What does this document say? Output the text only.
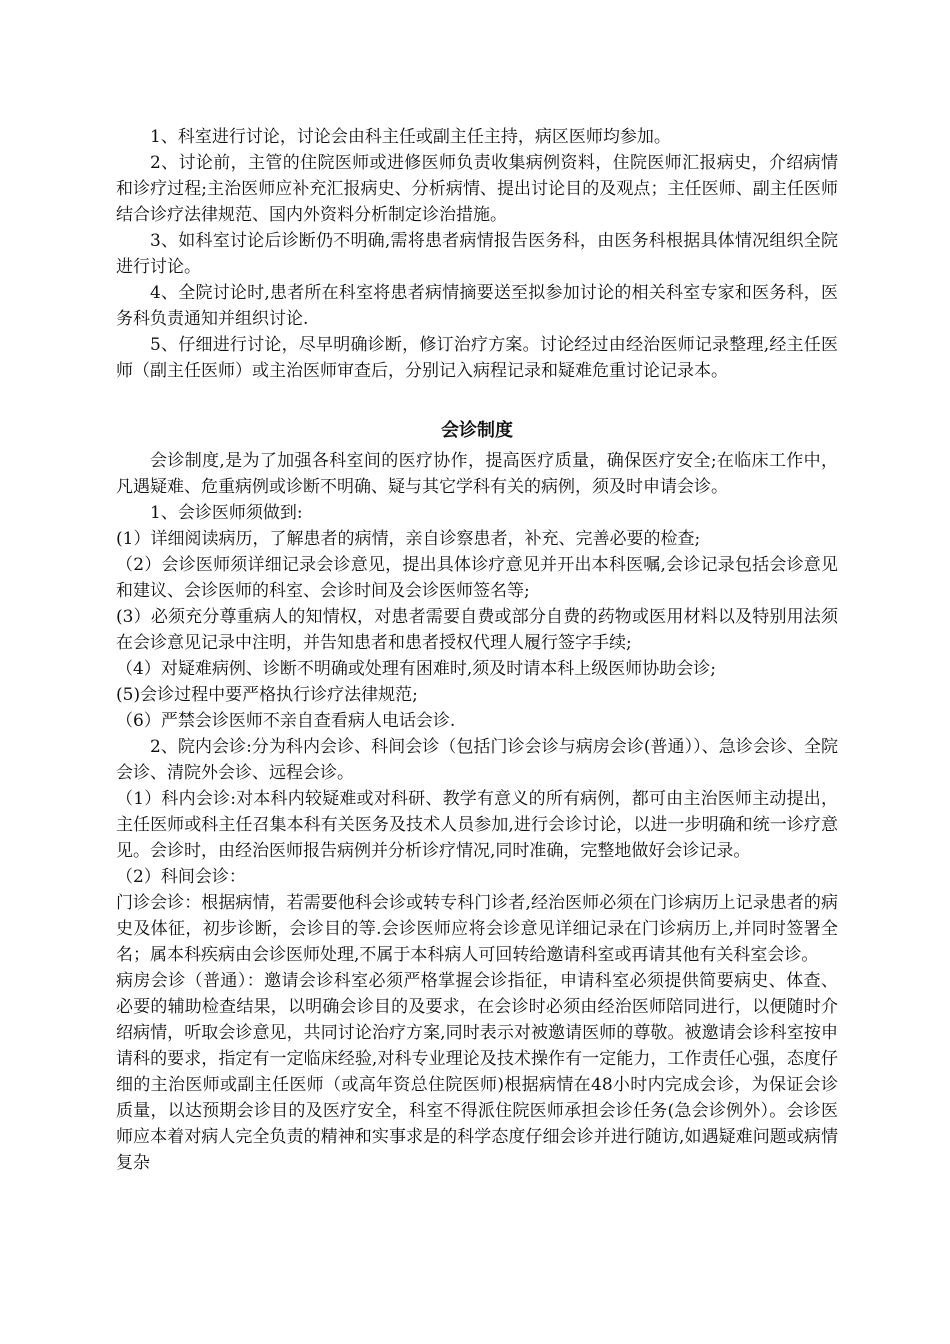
1、科室进行讨论，讨论会由科主任或副主任主持，病区医师均参加。

2、讨论前，主管的住院医师或进修医师负责收集病例资料，住院医师汇报病史，介绍病情和诊疗过程;主治医师应补充汇报病史、分析病情、提出讨论目的及观点；主任医师、副主任医师结合诊疗法律规范、国内外资料分析制定诊治措施。

3、如科室讨论后诊断仍不明确,需将患者病情报告医务科，由医务科根据具体情况组织全院进行讨论。

4、全院讨论时,患者所在科室将患者病情摘要送至拟参加讨论的相关科室专家和医务科，医务科负责通知并组织讨论.

5、仔细进行讨论，尽早明确诊断，修订治疗方案。讨论经过由经治医师记录整理,经主任医师（副主任医师）或主治医师审查后，分别记入病程记录和疑难危重讨论记录本。

会诊制度

会诊制度,是为了加强各科室间的医疗协作，提高医疗质量，确保医疗安全;在临床工作中，凡遇疑难、危重病例或诊断不明确、疑与其它学科有关的病例，须及时申请会诊。

1、会诊医师须做到:

(1）详细阅读病历，了解患者的病情，亲自诊察患者，补充、完善必要的检查;

（2）会诊医师须详细记录会诊意见，提出具体诊疗意见并开出本科医嘱,会诊记录包括会诊意见和建议、会诊医师的科室、会诊时间及会诊医师签名等;

(3）必须充分尊重病人的知情权，对患者需要自费或部分自费的药物或医用材料以及特别用法须在会诊意见记录中注明，并告知患者和患者授权代理人履行签字手续;

（4）对疑难病例、诊断不明确或处理有困难时,须及时请本科上级医师协助会诊;

(5)会诊过程中要严格执行诊疗法律规范;

（6）严禁会诊医师不亲自查看病人电话会诊.

2、院内会诊:分为科内会诊、科间会诊（包括门诊会诊与病房会诊(普通））、急诊会诊、全院会诊、清院外会诊、远程会诊。

（1）科内会诊:对本科内较疑难或对科研、教学有意义的所有病例，都可由主治医师主动提出，主任医师或科主任召集本科有关医务及技术人员参加,进行会诊讨论，以进一步明确和统一诊疗意见。会诊时，由经治医师报告病例并分析诊疗情况,同时准确，完整地做好会诊记录。

（2）科间会诊：

门诊会诊：根据病情，若需要他科会诊或转专科门诊者,经治医师必须在门诊病历上记录患者的病史及体征，初步诊断，会诊目的等.会诊医师应将会诊意见详细记录在门诊病历上,并同时签署全名；属本科疾病由会诊医师处理,不属于本科病人可回转给邀请科室或再请其他有关科室会诊。

病房会诊（普通）：邀请会诊科室必须严格掌握会诊指征，申请科室必须提供简要病史、体查、必要的辅助检查结果，以明确会诊目的及要求，在会诊时必须由经治医师陪同进行，以便随时介绍病情，听取会诊意见，共同讨论治疗方案,同时表示对被邀请医师的尊敬。被邀请会诊科室按申请科的要求，指定有一定临床经验,对科专业理论及技术操作有一定能力，工作责任心强，态度仔细的主治医师或副主任医师（或高年资总住院医师)根据病情在48小时内完成会诊，为保证会诊质量，以达预期会诊目的及医疗安全，科室不得派住院医师承担会诊任务(急会诊例外）。会诊医师应本着对病人完全负责的精神和实事求是的科学态度仔细会诊并进行随访,如遇疑难问题或病情复杂
